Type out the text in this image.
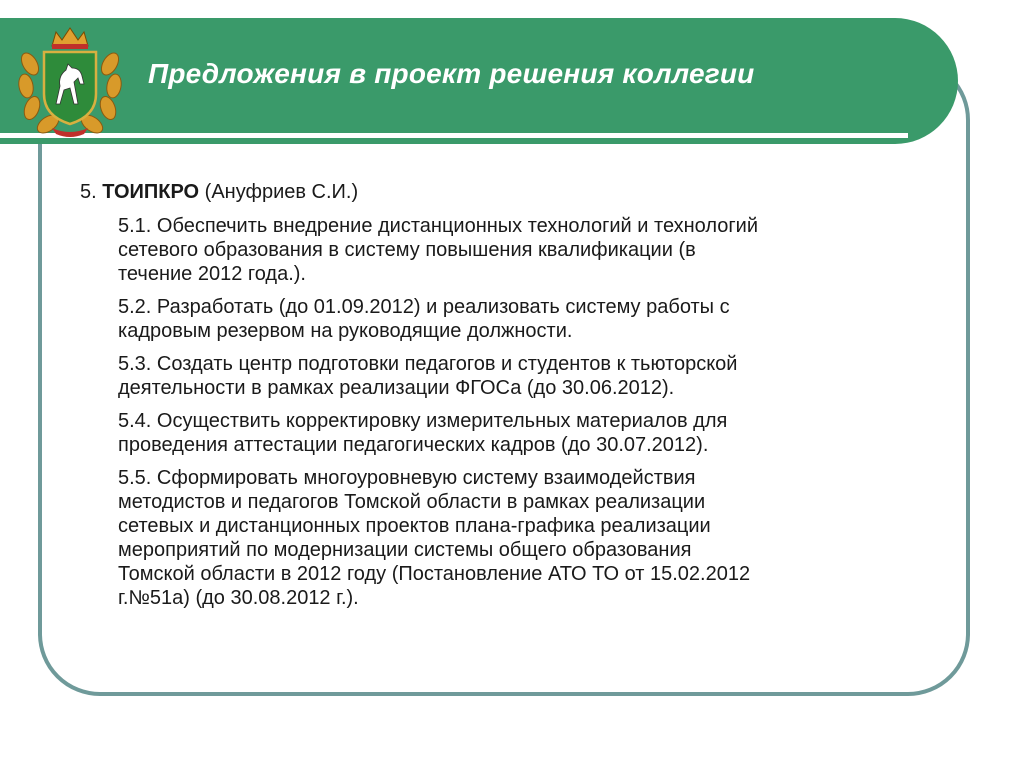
Предложения в проект решения коллегии

5. ТОИПКРО (Ануфриев С.И.)

5.1. Обеспечить внедрение дистанционных технологий и технологий
сетевого образования в систему повышения квалификации (в
течение 2012 года.).
5.2. Разработать (до 01.09.2012) и реализовать систему работы с
кадровым резервом на руководящие должности.
5.3. Создать центр подготовки педагогов и студентов к тьюторской
деятельности в рамках реализации ФГОСа (до 30.06.2012).
5.4. Осуществить корректировку измерительных материалов для
проведения аттестации педагогических кадров (до 30.07.2012).
5.5. Сформировать многоуровневую систему взаимодействия
методистов и педагогов Томской области в рамках реализации
сетевых и дистанционных проектов плана-графика реализации
мероприятий по модернизации системы общего образования
Томской области в 2012 году (Постановление АТО ТО от 15.02.2012
г.№51а) (до 30.08.2012 г.).
